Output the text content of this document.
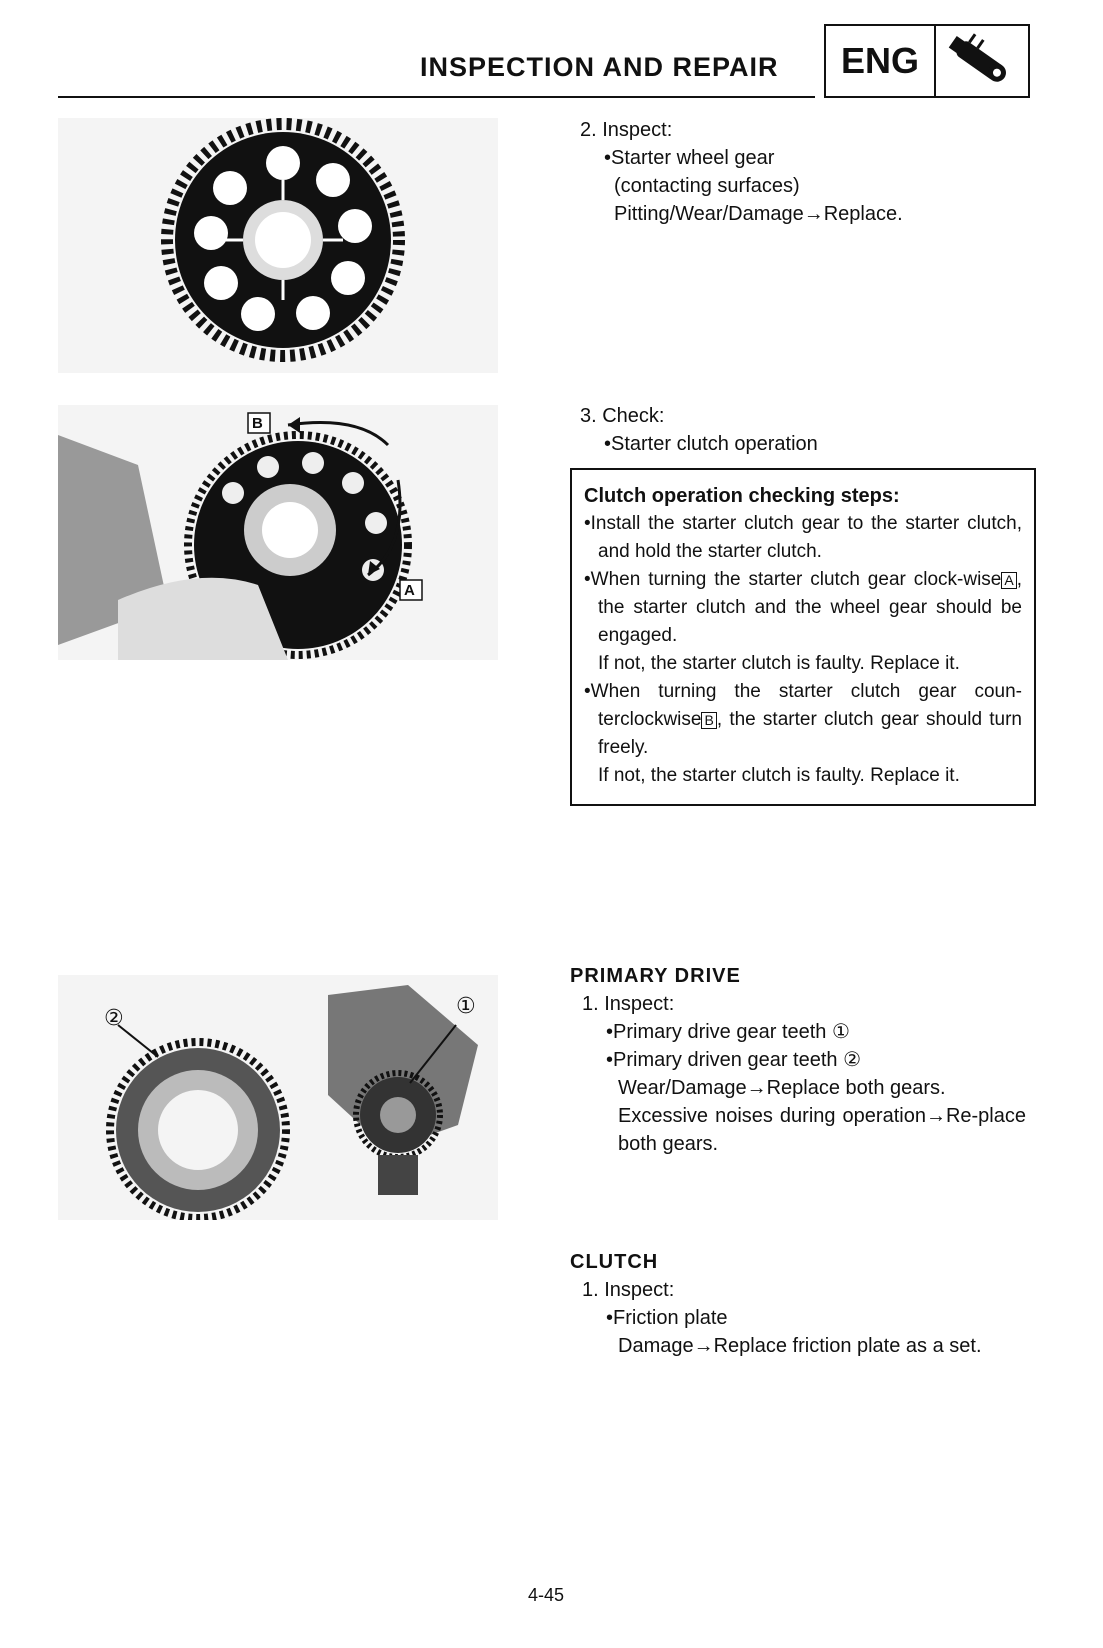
INSPECTION AND REPAIR	ENG
2. Inspect:
•Starter wheel gear
(contacting surfaces)
Pitting/Wear/Damage→Replace.
B
A
3. Check:
•Starter clutch operation
Clutch operation checking steps:

•Install the starter clutch gear to the starter clutch, and hold the starter clutch.

•When turning the starter clutch gear clock-wise A , the starter clutch and the wheel gear should be engaged.

If not, the starter clutch is faulty. Replace it.

•When turning the starter clutch gear coun-terclockwise B , the starter clutch gear should turn freely.

If not, the starter clutch is faulty. Replace it.

②	①
PRIMARY DRIVE
1. Inspect:
•Primary drive gear teeth ①
•Primary driven gear teeth ②
Wear/Damage→Replace both gears.
Excessive noises during operation→Re-place both gears.
CLUTCH
1. Inspect:
•Friction plate
Damage→Replace friction plate as a set.
4-45
